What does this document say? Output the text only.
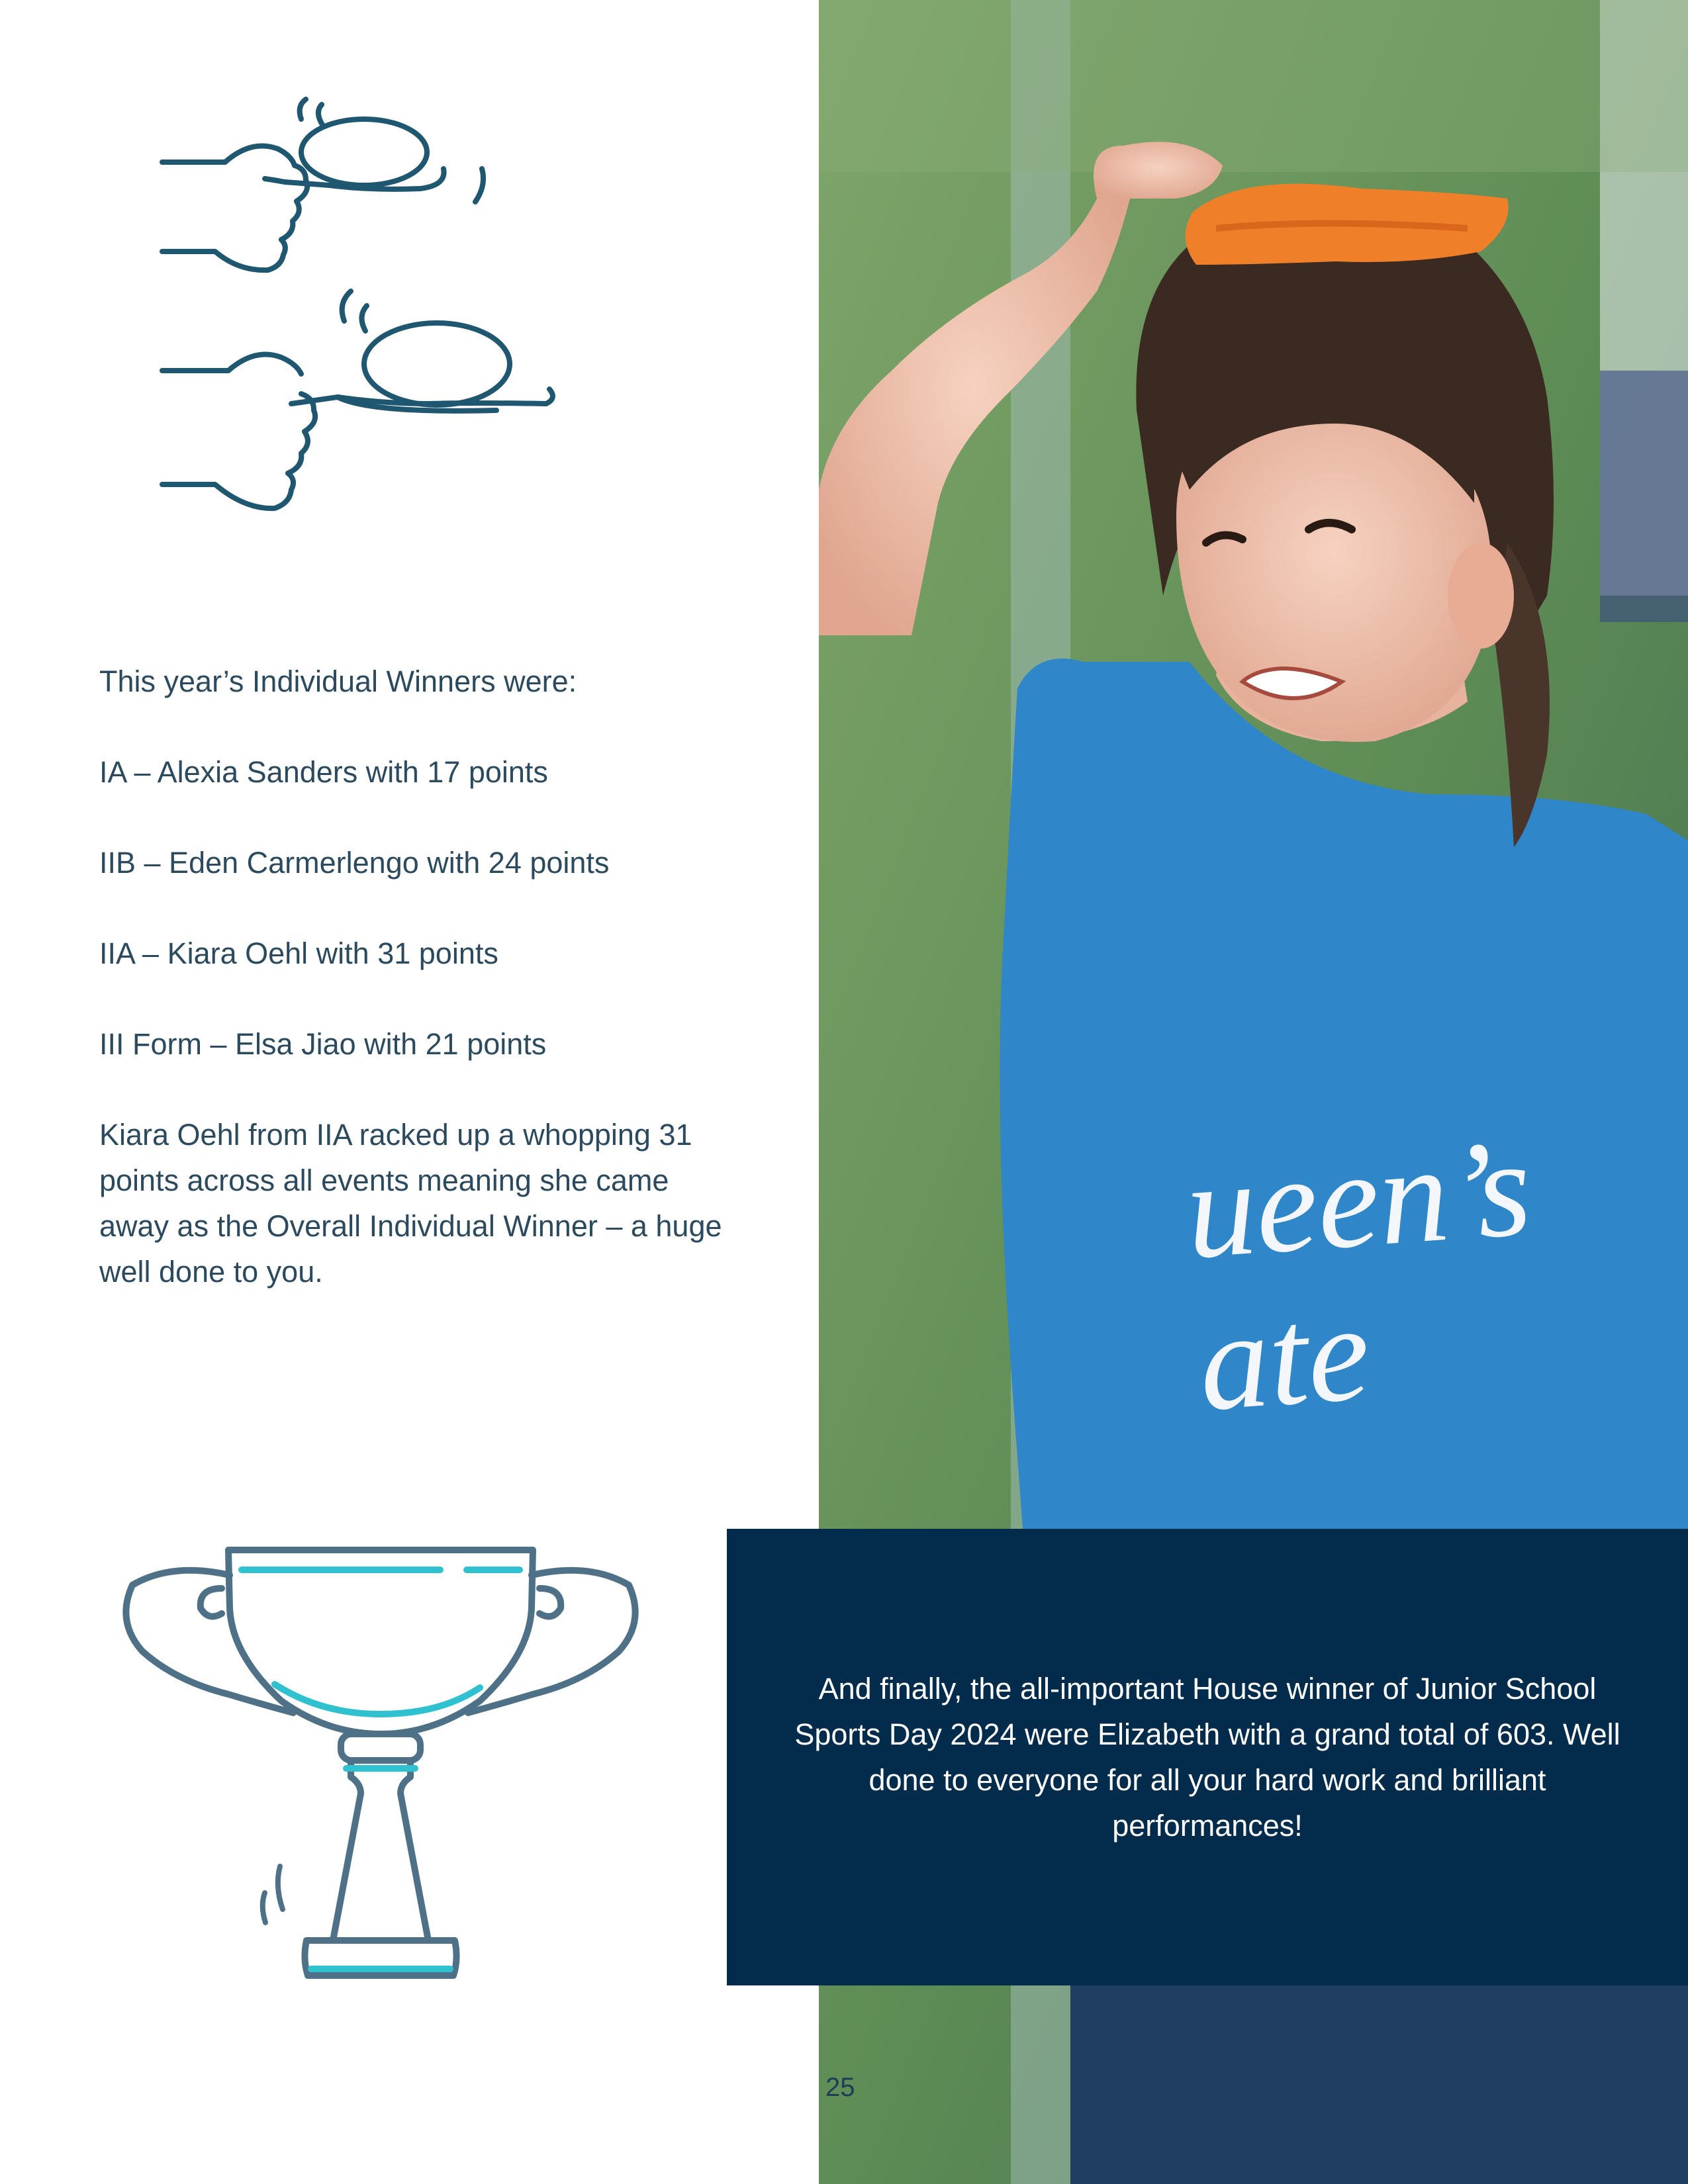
This year’s Individual Winners were:

IA – Alexia Sanders with 17 points

IIB – Eden Carmerlengo with 24 points

IIA – Kiara Oehl with 31 points

III Form – Elsa Jiao with 21 points

Kiara Oehl from IIA racked up a whopping 31 points across all events meaning she came away as the Overall Individual Winner – a huge well done to you.	ueen’s
ate

And finally, the all-important House winner of Junior School Sports Day 2024 were Elizabeth with a grand total of 603. Well done to everyone for all your hard work and brilliant performances!

25
